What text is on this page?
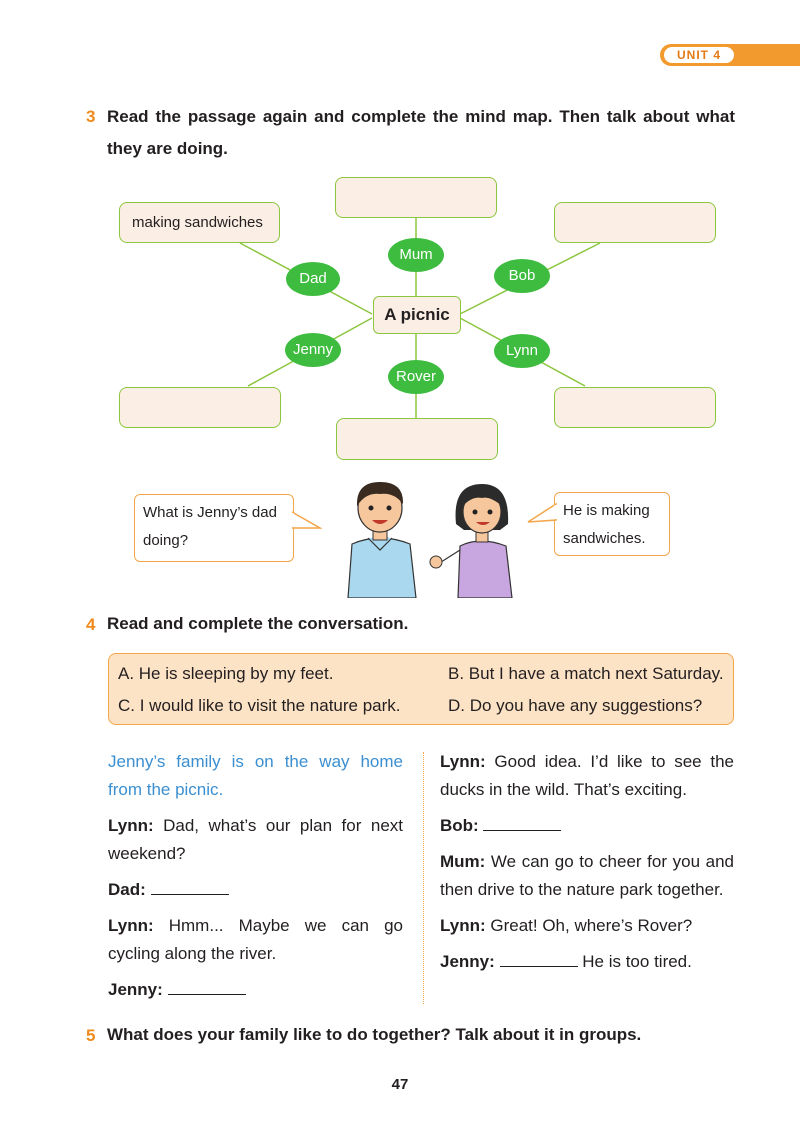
UNIT 4
3 Read the passage again and complete the mind map. Then talk about what
they are doing.
making sandwiches
Mum
Dad	Bob
A picnic
Jenny	Lynn
Rover
What is Jenny’s dad doing?
He is making sandwiches.
4 Read and complete the conversation.
A. He is sleeping by my feet.	B. But I have a match next Saturday.
C. I would like to visit the nature park.	D. Do you have any suggestions?
Jenny’s family is on the way home from the picnic.
Lynn: Dad, what’s our plan for next weekend?
Dad:
Lynn: Hmm... Maybe we can go cycling along the river.
Jenny:
Lynn: Good idea. I’d like to see the ducks in the wild. That’s exciting.
Bob:
Mum: We can go to cheer for you and then drive to the nature park together.
Lynn: Great! Oh, where’s Rover?
Jenny:	He is too tired.
5 What does your family like to do together? Talk about it in groups.
47
